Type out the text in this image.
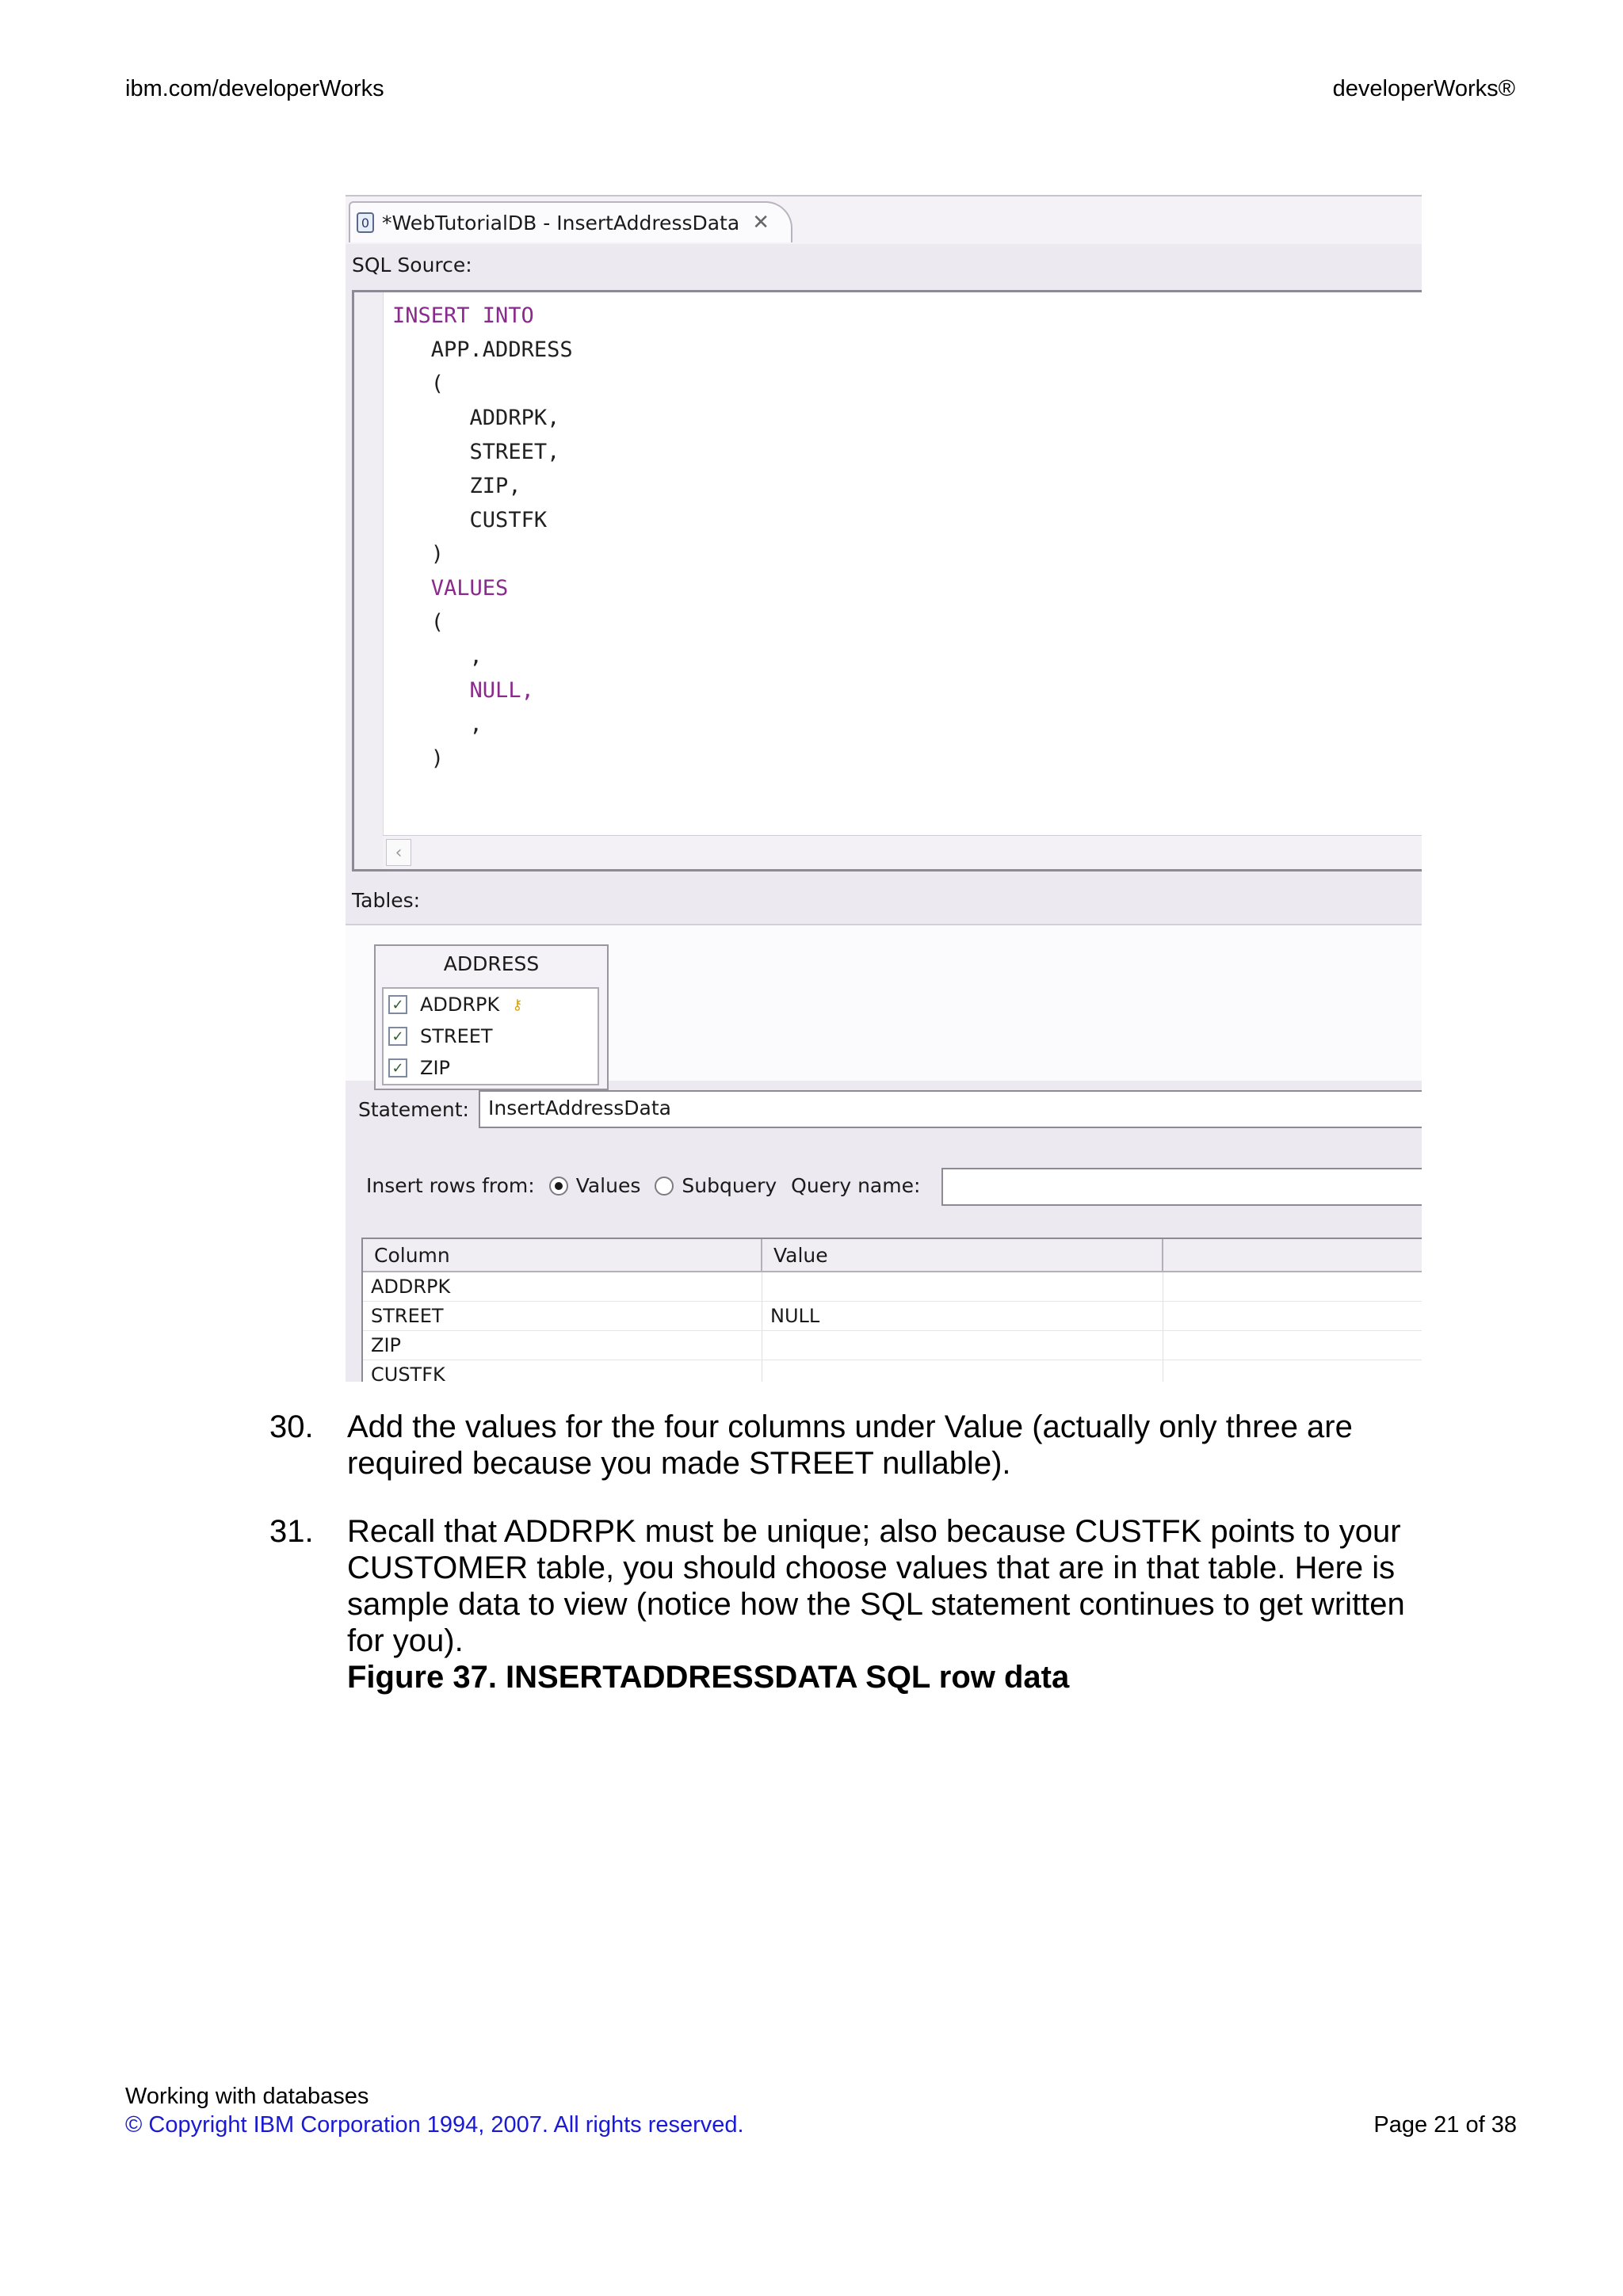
ibm.com/developerWorks	developerWorks®
0 *WebTutorialDB - InsertAddressData ✕
SQL Source:
INSERT INTO
APP.ADDRESS
(
ADDRPK,
STREET,
ZIP,
CUSTFK
)
VALUES
(
,
NULL,
,
)
‹
Tables:
ADDRESS
✓ ADDRPK ⚷
✓ STREET
✓ ZIP
Statement: InsertAddressData
Insert rows from: Values Subquery Query name:
Column	Value
ADDRPK
STREET	NULL
ZIP
CUSTFK
30.	Add the values for the four columns under Value (actually only three are required because you made STREET nullable).
31.	Recall that ADDRPK must be unique; also because CUSTFK points to your CUSTOMER table, you should choose values that are in that table. Here is sample data to view (notice how the SQL statement continues to get written for you).
Figure 37. INSERTADDRESSDATA SQL row data
Working with databases
© Copyright IBM Corporation 1994, 2007. All rights reserved.	Page 21 of 38
